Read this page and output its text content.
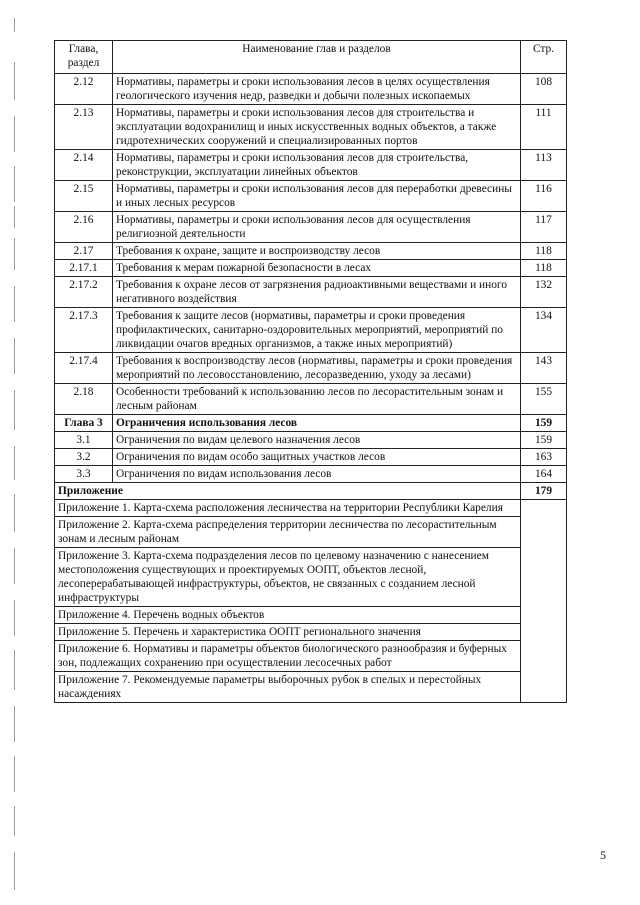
Глава,
раздел	Наименование глав и разделов	Стр.
2.12	Нормативы, параметры и сроки использования лесов в целях осуществления геологического изучения недр, разведки и добычи полезных ископаемых	108
2.13	Нормативы, параметры и сроки использования лесов для строительства и эксплуатации водохранилищ и иных искусственных водных объектов, а также гидротехнических сооружений и специализированных портов	111
2.14	Нормативы, параметры и сроки использования лесов для строительства, реконструкции, эксплуатации линейных объектов	113
2.15	Нормативы, параметры и сроки использования лесов для переработки древесины и иных лесных ресурсов	116
2.16	Нормативы, параметры и сроки использования лесов для осуществления религиозной деятельности	117
2.17	Требования к охране, защите и воспроизводству лесов	118
2.17.1	Требования к мерам пожарной безопасности в лесах	118
2.17.2	Требования к охране лесов от загрязнения радиоактивными веществами и иного негативного воздействия	132
2.17.3	Требования к защите лесов (нормативы, параметры и сроки проведения профилактических, санитарно-оздоровительных мероприятий, мероприятий по ликвидации очагов вредных организмов, а также иных мероприятий)	134
2.17.4	Требования к воспроизводству лесов (нормативы, параметры и сроки проведения мероприятий по лесовосстановлению, лесоразведению, уходу за лесами)	143
2.18	Особенности требований к использованию лесов по лесорастительным зонам и лесным районам	155
Глава 3	Ограничения использования лесов	159
3.1	Ограничения по видам целевого назначения лесов	159
3.2	Ограничения по видам особо защитных участков лесов	163
3.3	Ограничения по видам использования лесов	164
Приложение		179
Приложение 1. Карта-схема расположения лесничества на территории Республики Карелия		
Приложение 2. Карта-схема распределения территории лесничества по лесорастительным зонам и лесным районам		
Приложение 3. Карта-схема подразделения лесов по целевому назначению с нанесением местоположения существующих и проектируемых ООПТ, объектов лесной, лесоперерабатывающей инфраструктуры, объектов, не связанных с созданием лесной инфраструктуры		
Приложение 4. Перечень водных объектов		
Приложение 5. Перечень и характеристика ООПТ регионального значения		
Приложение 6. Нормативы и параметры объектов биологического разнообразия и буферных зон, подлежащих сохранению при осуществлении лесосечных работ		
Приложение 7. Рекомендуемые параметры выборочных рубок в спелых и перестойных насаждениях		
5
